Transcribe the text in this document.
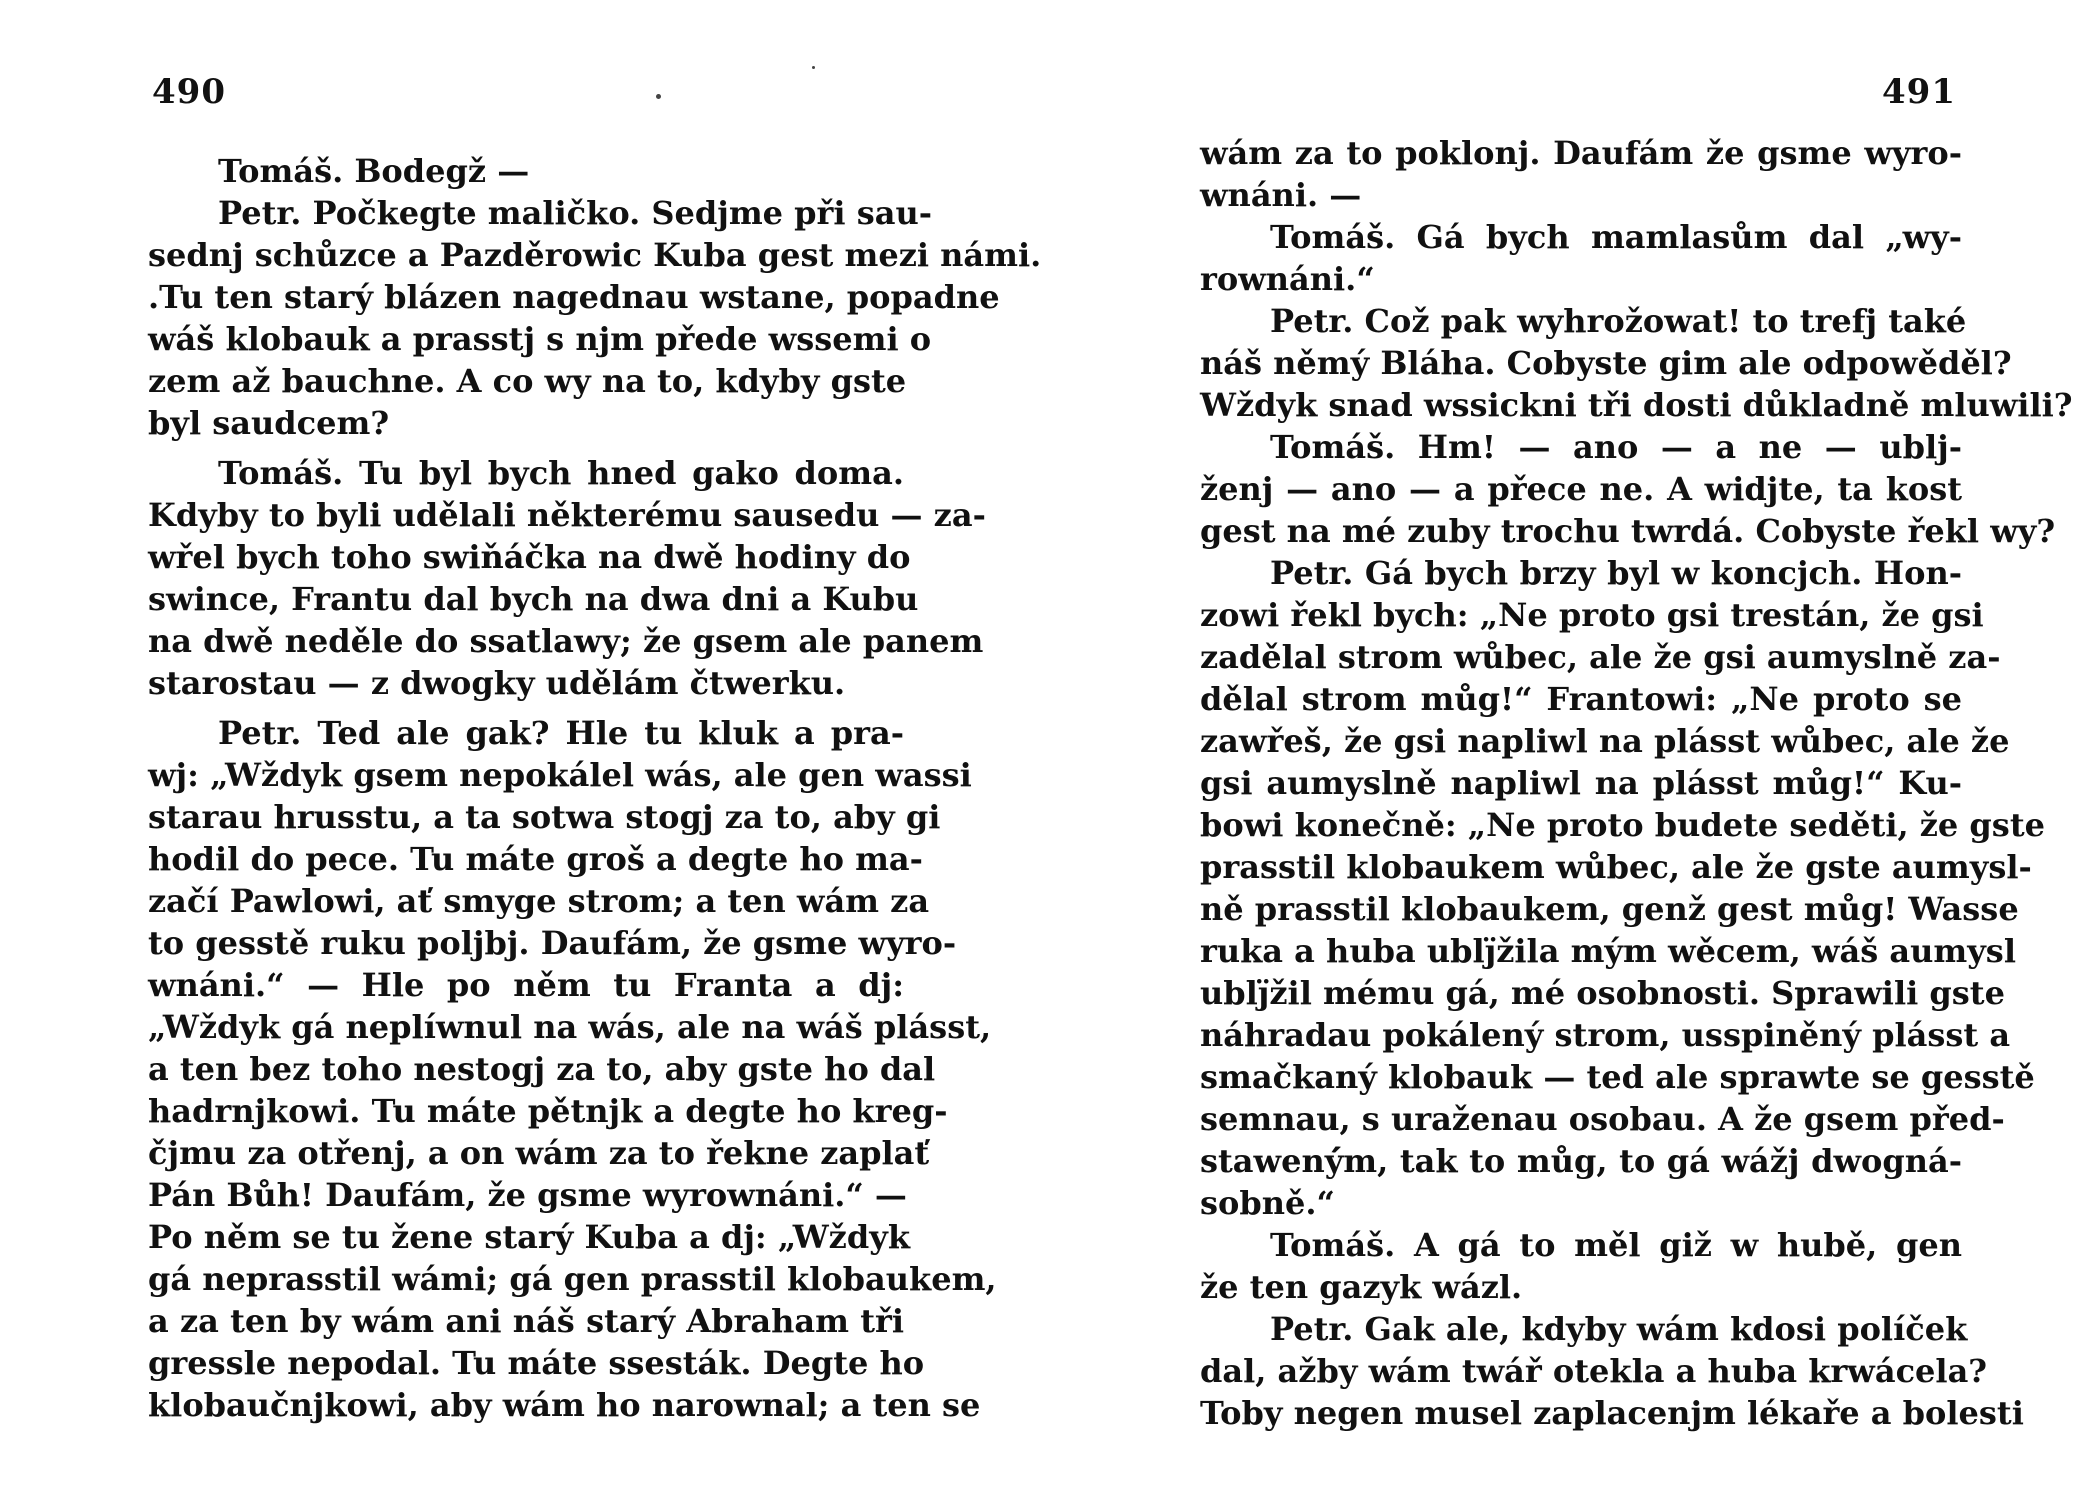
490
Tomáš. Bodegž —
Petr. Počkegte maličko. Sedjme při sau-
sednj schůzce a Pazděrowic Kuba gest mezi námi.
.Tu ten starý blázen nagednau wstane, popadne
wáš klobauk a prasstj s njm přede wssemi o
zem až bauchne. A co wy na to, kdyby gste
byl saudcem?
Tomáš. Tu byl bych hned gako doma.
Kdyby to byli udělali některému sausedu — za-
wřel bych toho swiňáčka na dwě hodiny do
swince, Frantu dal bych na dwa dni a Kubu
na dwě neděle do ssatlawy; že gsem ale panem
starostau — z dwogky udělám čtwerku.
Petr. Ted ale gak? Hle tu kluk a pra-
wj: „Wždyk gsem nepokálel wás, ale gen wassi
starau hrusstu, a ta sotwa stogj za to, aby gi
hodil do pece. Tu máte groš a degte ho ma-
začí Pawlowi, ať smyge strom; a ten wám za
to gesstě ruku poljbj. Daufám, že gsme wyro-
wnáni.“ — Hle po něm tu Franta a dj:
„Wždyk gá neplíwnul na wás, ale na wáš plásst,
a ten bez toho nestogj za to, aby gste ho dal
hadrnjkowi. Tu máte pětnjk a degte ho kreg-
čjmu za otřenj, a on wám za to řekne zaplať
Pán Bůh! Daufám, že gsme wyrownáni.“ —
Po něm se tu žene starý Kuba a dj: „Wždyk
gá neprasstil wámi; gá gen prasstil klobaukem,
a za ten by wám ani náš starý Abraham tři
gressle nepodal. Tu máte ssesták. Degte ho
klobaučnjkowi, aby wám ho narownal; a ten se
491
wám za to poklonj. Daufám že gsme wyro-
wnáni. —
Tomáš. Gá bych mamlasům dal „wy-
rownáni.“
Petr. Což pak wyhrožowat! to trefj také
náš němý Bláha. Cobyste gim ale odpowěděl?
Wždyk snad wssickni tři dosti důkladně mluwili?
Tomáš. Hm! — ano — a ne — ublj-
ženj — ano — a přece ne. A widjte, ta kost
gest na mé zuby trochu twrdá. Cobyste řekl wy?
Petr. Gá bych brzy byl w koncjch. Hon-
zowi řekl bych: „Ne proto gsi trestán, že gsi
zadělal strom wůbec, ale že gsi aumyslně za-
dělal strom můg!“ Frantowi: „Ne proto se
zawřeš, že gsi napliwl na plásst wůbec, ale že
gsi aumyslně napliwl na plásst můg!“ Ku-
bowi konečně: „Ne proto budete seděti, že gste
prasstil klobaukem wůbec, ale že gste aumysl-
ně prasstil klobaukem, genž gest můg! Wasse
ruka a huba ublj̈žila mým wěcem, wáš aumysl
ublj̈žil mému gá, mé osobnosti. Sprawili gste
náhradau pokálený strom, usspiněný plásst a
smačkaný klobauk — ted ale sprawte se gesstě
semnau, s uraženau osobau. A že gsem před-
stawený́m, tak to můg, to gá wážj dwogná-
sobně.“
Tomáš. A gá to měl giž w hubě, gen
že ten gazyk wázl.
Petr. Gak ale, kdyby wám kdosi políček
dal, ažby wám twář otekla a huba krwácela?
Toby negen musel zaplacenjm lékaře a bolesti
